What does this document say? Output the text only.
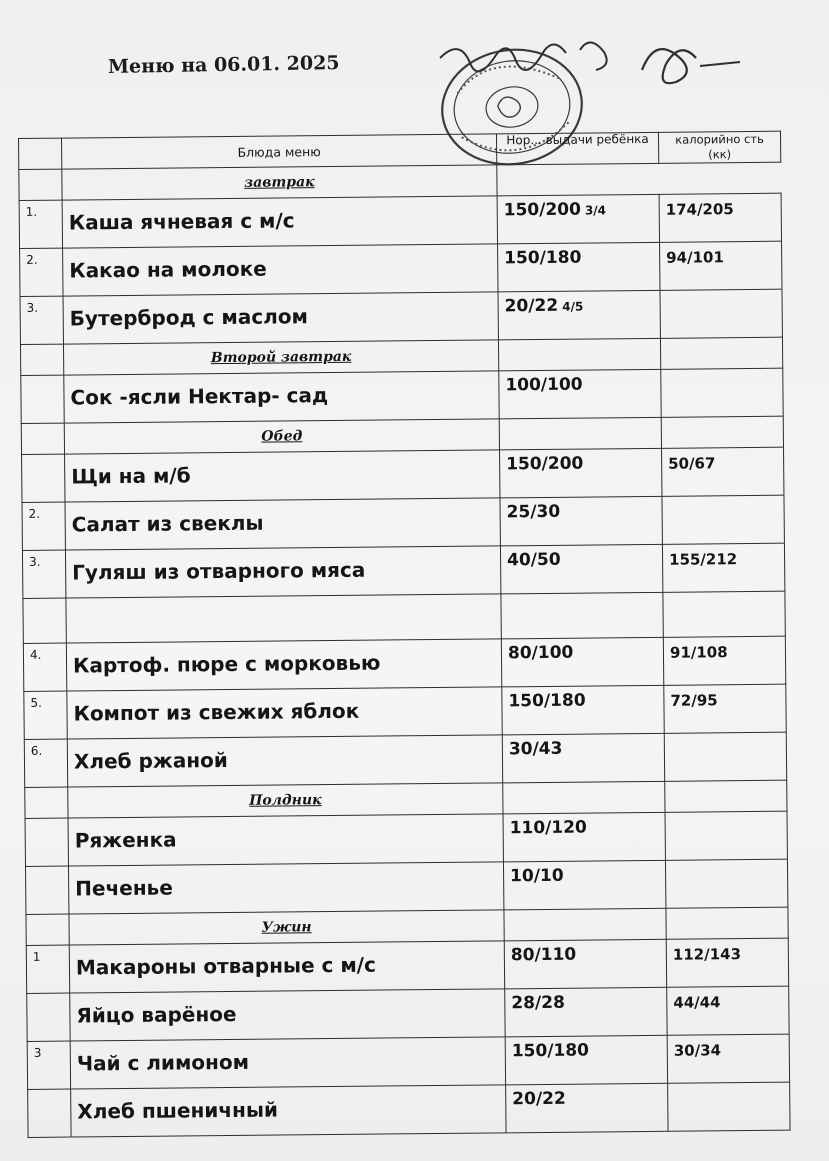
Меню на 06.01. 2025
	Блюда меню	Нор... выдачи ребёнка	калорийно сть (кк)
	завтрак		
1.	Каша ячневая с м/с	150/200 3/4	174/205
2.	Какао на молоке	150/180	94/101
3.	Бутерброд с маслом	20/22 4/5	
	Второй завтрак		
	Сок -ясли Нектар- сад	100/100	
	Обед		
	Щи на м/б	150/200	50/67
2.	Салат из свеклы	25/30	
3.	Гуляш из отварного мяса	40/50	155/212

4.	Картоф. пюре с морковью	80/100	91/108
5.	Компот из свежих яблок	150/180	72/95
6.	Хлеб ржаной	30/43	
	Полдник		
	Ряженка	110/120	
	Печенье	10/10	
	Ужин		
1	Макароны отварные с м/с	80/110	112/143
	Яйцо варёное	28/28	44/44
3	Чай с лимоном	150/180	30/34
	Хлеб пшеничный	20/22	
